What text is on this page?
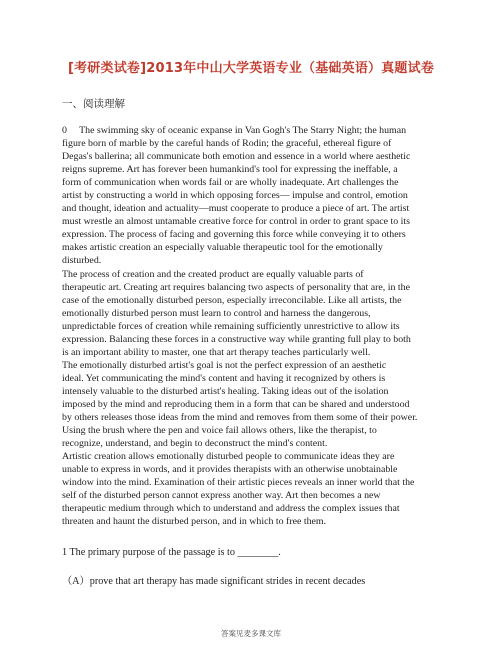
[考研类试卷]2013年中山大学英语专业（基础英语）真题试卷
一、阅读理解
0　 The swimming sky of oceanic expanse in Van Gogh's The Starry Night; the human
figure born of marble by the careful hands of Rodin; the graceful, ethereal figure of
Degas's ballerina; all communicate both emotion and essence in a world where aesthetic
reigns supreme. Art has forever been humankind's tool for expressing the ineffable, a
form of communication when words fail or are wholly inadequate. Art challenges the
artist by constructing a world in which opposing forces— impulse and control, emotion
and thought, ideation and actuality—must cooperate to produce a piece of art. The artist
must wrestle an almost untamable creative force for control in order to grant space to its
expression. The process of facing and governing this force while conveying it to others
makes artistic creation an especially valuable therapeutic tool for the emotionally
disturbed.
The process of creation and the created product are equally valuable parts of
therapeutic art. Creating art requires balancing two aspects of personality that are, in the
case of the emotionally disturbed person, especially irreconcilable. Like all artists, the
emotionally disturbed person must learn to control and harness the dangerous,
unpredictable forces of creation while remaining sufficiently unrestrictive to allow its
expression. Balancing these forces in a constructive way while granting full play to both
is an important ability to master, one that art therapy teaches particularly well.
The emotionally disturbed artist's goal is not the perfect expression of an aesthetic
ideal. Yet communicating the mind's content and having it recognized by others is
intensely valuable to the disturbed artist's healing. Taking ideas out of the isolation
imposed by the mind and reproducing them in a form that can be shared and understood
by others releases those ideas from the mind and removes from them some of their power.
Using the brush where the pen and voice fail allows others, like the therapist, to
recognize, understand, and begin to deconstruct the mind's content.
Artistic creation allows emotionally disturbed people to communicate ideas they are
unable to express in words, and it provides therapists with an otherwise unobtainable
window into the mind. Examination of their artistic pieces reveals an inner world that the
self of the disturbed person cannot express another way. Art then becomes a new
therapeutic medium through which to understand and address the complex issues that
threaten and haunt the disturbed person, and in which to free them.
1 The primary purpose of the passage is to ________.
（A）prove that art therapy has made significant strides in recent decades
答案见麦多课文库
